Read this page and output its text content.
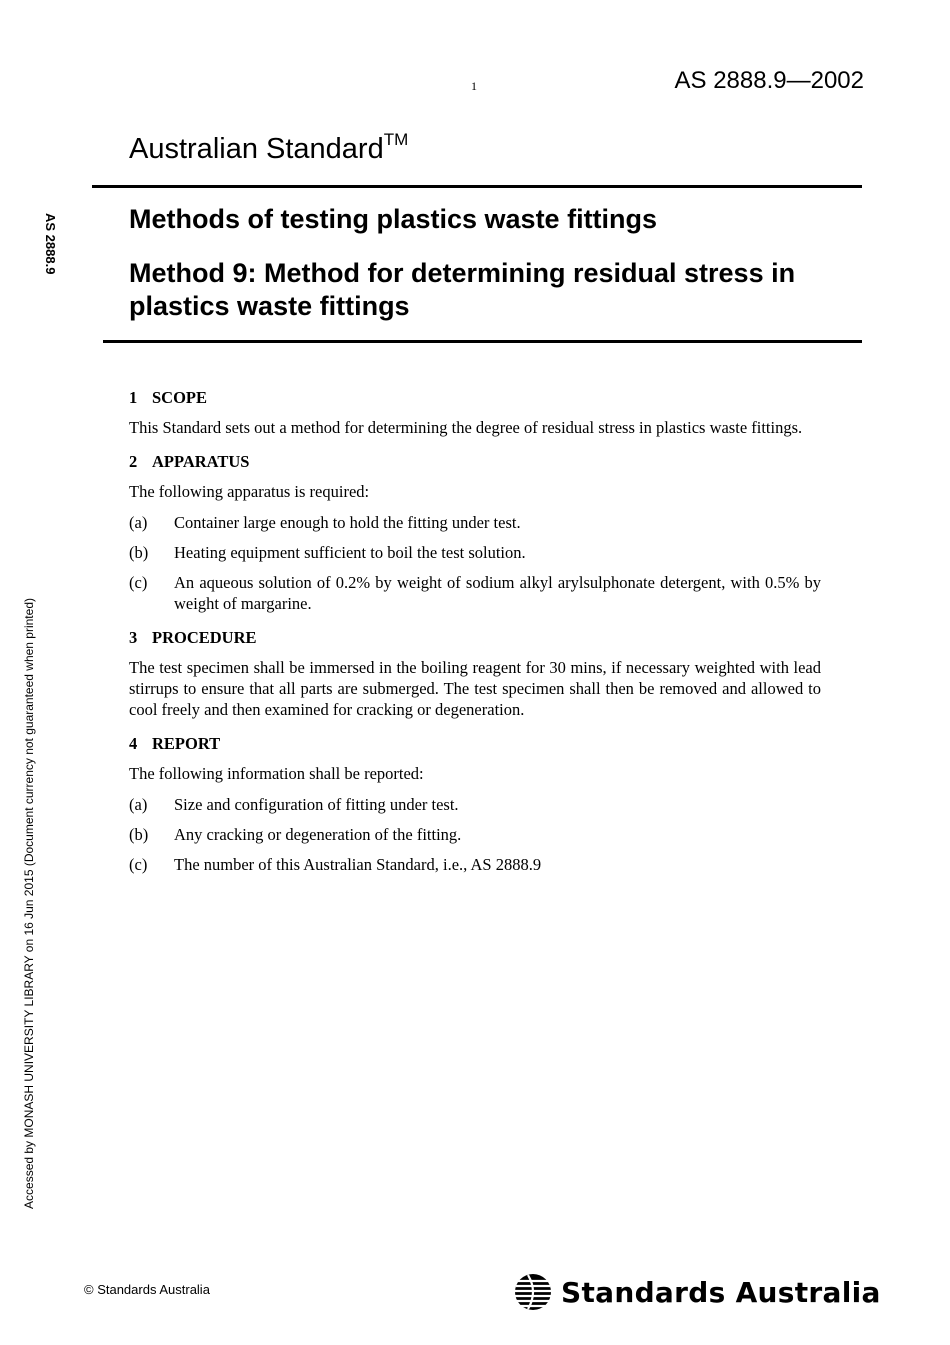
1	AS 2888.9—2002
Australian Standard™
Methods of testing plastics waste fittings
Method 9: Method for determining residual stress in plastics waste fittings
AS 2888.9
Accessed by MONASH UNIVERSITY LIBRARY on 16 Jun 2015 (Document currency not guaranteed when printed)
1 SCOPE
This Standard sets out a method for determining the degree of residual stress in plastics waste fittings.
2 APPARATUS
The following apparatus is required:
(a)	Container large enough to hold the fitting under test.
(b)	Heating equipment sufficient to boil the test solution.
(c)	An aqueous solution of 0.2% by weight of sodium alkyl arylsulphonate detergent, with 0.5% by weight of margarine.
3 PROCEDURE
The test specimen shall be immersed in the boiling reagent for 30 mins, if necessary weighted with lead stirrups to ensure that all parts are submerged. The test specimen shall then be removed and allowed to cool freely and then examined for cracking or degeneration.
4 REPORT
The following information shall be reported:
(a)	Size and configuration of fitting under test.
(b)	Any cracking or degeneration of the fitting.
(c)	The number of this Australian Standard, i.e., AS 2888.9
© Standards Australia	Standards Australia
